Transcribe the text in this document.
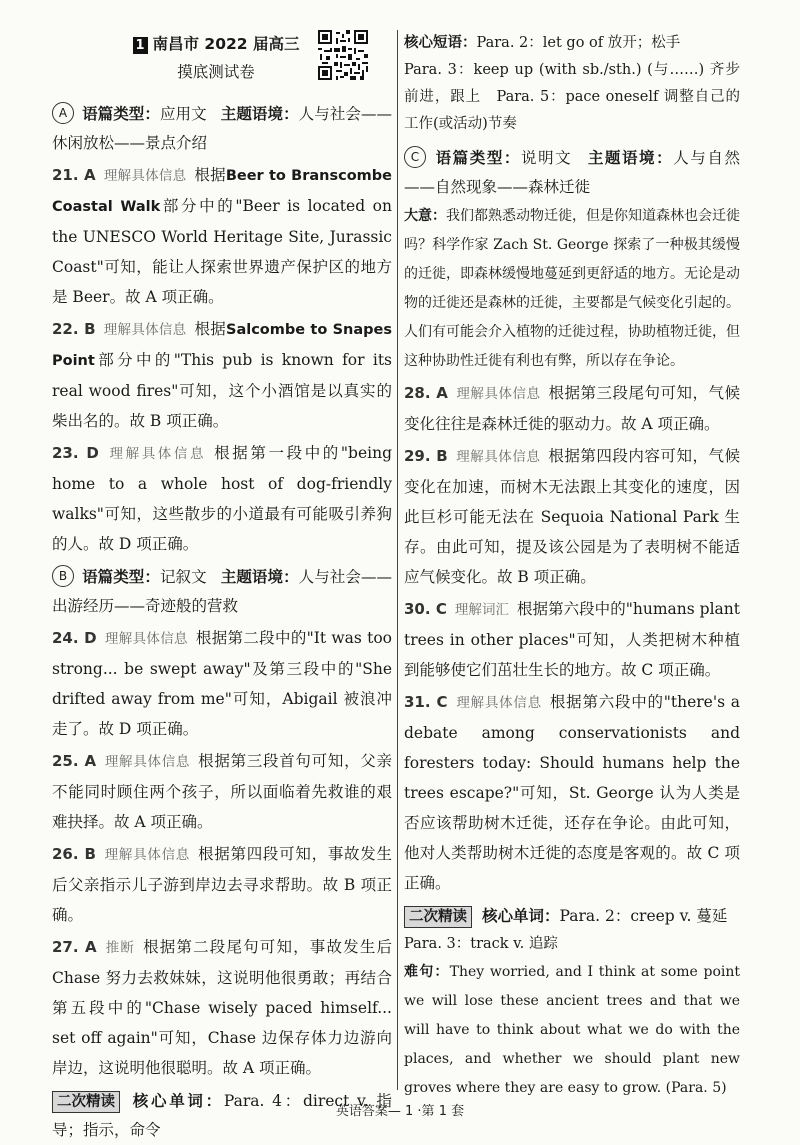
1 南昌市 2022 届高三
摸底测试卷

A 语篇类型：应用文 主题语境：人与社会——休闲放松——景点介绍

21. A 理解具体信息 根据Beer to Branscombe Coastal Walk部分中的"Beer is located on the UNESCO World Heritage Site, Jurassic Coast"可知，能让人探索世界遗产保护区的地方是 Beer。故 A 项正确。

22. B 理解具体信息 根据Salcombe to Snapes Point部分中的"This pub is known for its real wood fires"可知，这个小酒馆是以真实的柴出名的。故 B 项正确。

23. D 理解具体信息 根据第一段中的"being home to a whole host of dog-friendly walks"可知，这些散步的小道最有可能吸引养狗的人。故 D 项正确。

B 语篇类型：记叙文 主题语境：人与社会——出游经历——奇迹般的营救

24. D 理解具体信息 根据第二段中的"It was too strong... be swept away"及第三段中的"She drifted away from me"可知，Abigail 被浪冲走了。故 D 项正确。

25. A 理解具体信息 根据第三段首句可知，父亲不能同时顾住两个孩子，所以面临着先救谁的艰难抉择。故 A 项正确。

26. B 理解具体信息 根据第四段可知，事故发生后父亲指示儿子游到岸边去寻求帮助。故 B 项正确。

27. A 推断 根据第二段尾句可知，事故发生后 Chase 努力去救妹妹，这说明他很勇敢；再结合第五段中的"Chase wisely paced himself... set off again"可知，Chase 边保存体力边游向岸边，这说明他很聪明。故 A 项正确。

二次精读 核心单词：Para. 4：direct v. 指导；指示，命令

核心短语：Para. 2：let go of 放开；松手
Para. 3：keep up (with sb./sth.) (与……) 齐步前进，跟上　Para. 5：pace oneself 调整自己的工作(或活动)节奏

C 语篇类型：说明文 主题语境：人与自然——自然现象——森林迁徙

大意：我们都熟悉动物迁徙，但是你知道森林也会迁徙吗？科学作家 Zach St. George 探索了一种极其缓慢的迁徙，即森林缓慢地蔓延到更舒适的地方。无论是动物的迁徙还是森林的迁徙，主要都是气候变化引起的。人们有可能会介入植物的迁徙过程，协助植物迁徙，但这种协助性迁徙有利也有弊，所以存在争论。

28. A 理解具体信息 根据第三段尾句可知，气候变化往往是森林迁徙的驱动力。故 A 项正确。

29. B 理解具体信息 根据第四段内容可知，气候变化在加速，而树木无法跟上其变化的速度，因此巨杉可能无法在 Sequoia National Park 生存。由此可知，提及该公园是为了表明树不能适应气候变化。故 B 项正确。

30. C 理解词汇 根据第六段中的"humans plant trees in other places"可知，人类把树木种植到能够使它们茁壮生长的地方。故 C 项正确。

31. C 理解具体信息 根据第六段中的"there's a debate among conservationists and foresters today: Should humans help the trees escape?"可知，St. George 认为人类是否应该帮助树木迁徙，还存在争论。由此可知，他对人类帮助树木迁徙的态度是客观的。故 C 项正确。

二次精读 核心单词：Para. 2：creep v. 蔓延

Para. 3：track v. 追踪

难句：They worried, and I think at some point we will lose these ancient trees and that we will have to think about what we do with the places, and whether we should plant new groves where they are easy to grow. (Para. 5)

英语答案— 1 ·第 1 套
